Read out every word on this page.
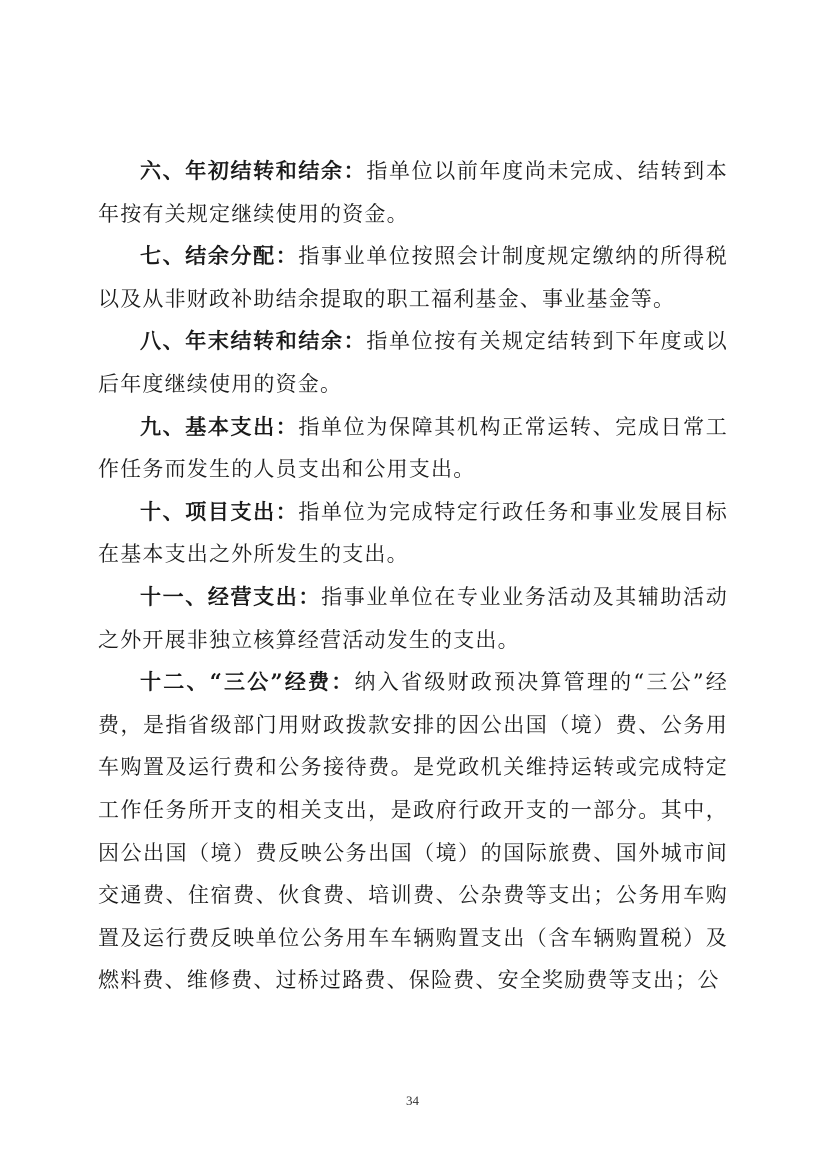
六、年初结转和结余：指单位以前年度尚未完成、结转到本年按有关规定继续使用的资金。

七、结余分配：指事业单位按照会计制度规定缴纳的所得税以及从非财政补助结余提取的职工福利基金、事业基金等。

八、年末结转和结余：指单位按有关规定结转到下年度或以后年度继续使用的资金。

九、基本支出：指单位为保障其机构正常运转、完成日常工作任务而发生的人员支出和公用支出。

十、项目支出：指单位为完成特定行政任务和事业发展目标在基本支出之外所发生的支出。

十一、经营支出：指事业单位在专业业务活动及其辅助活动之外开展非独立核算经营活动发生的支出。

十二、“三公”经费：纳入省级财政预决算管理的“三公”经费，是指省级部门用财政拨款安排的因公出国（境）费、公务用车购置及运行费和公务接待费。是党政机关维持运转或完成特定工作任务所开支的相关支出，是政府行政开支的一部分。其中，因公出国（境）费反映公务出国（境）的国际旅费、国外城市间交通费、住宿费、伙食费、培训费、公杂费等支出；公务用车购置及运行费反映单位公务用车车辆购置支出（含车辆购置税）及燃料费、维修费、过桥过路费、保险费、安全奖励费等支出；公

34
